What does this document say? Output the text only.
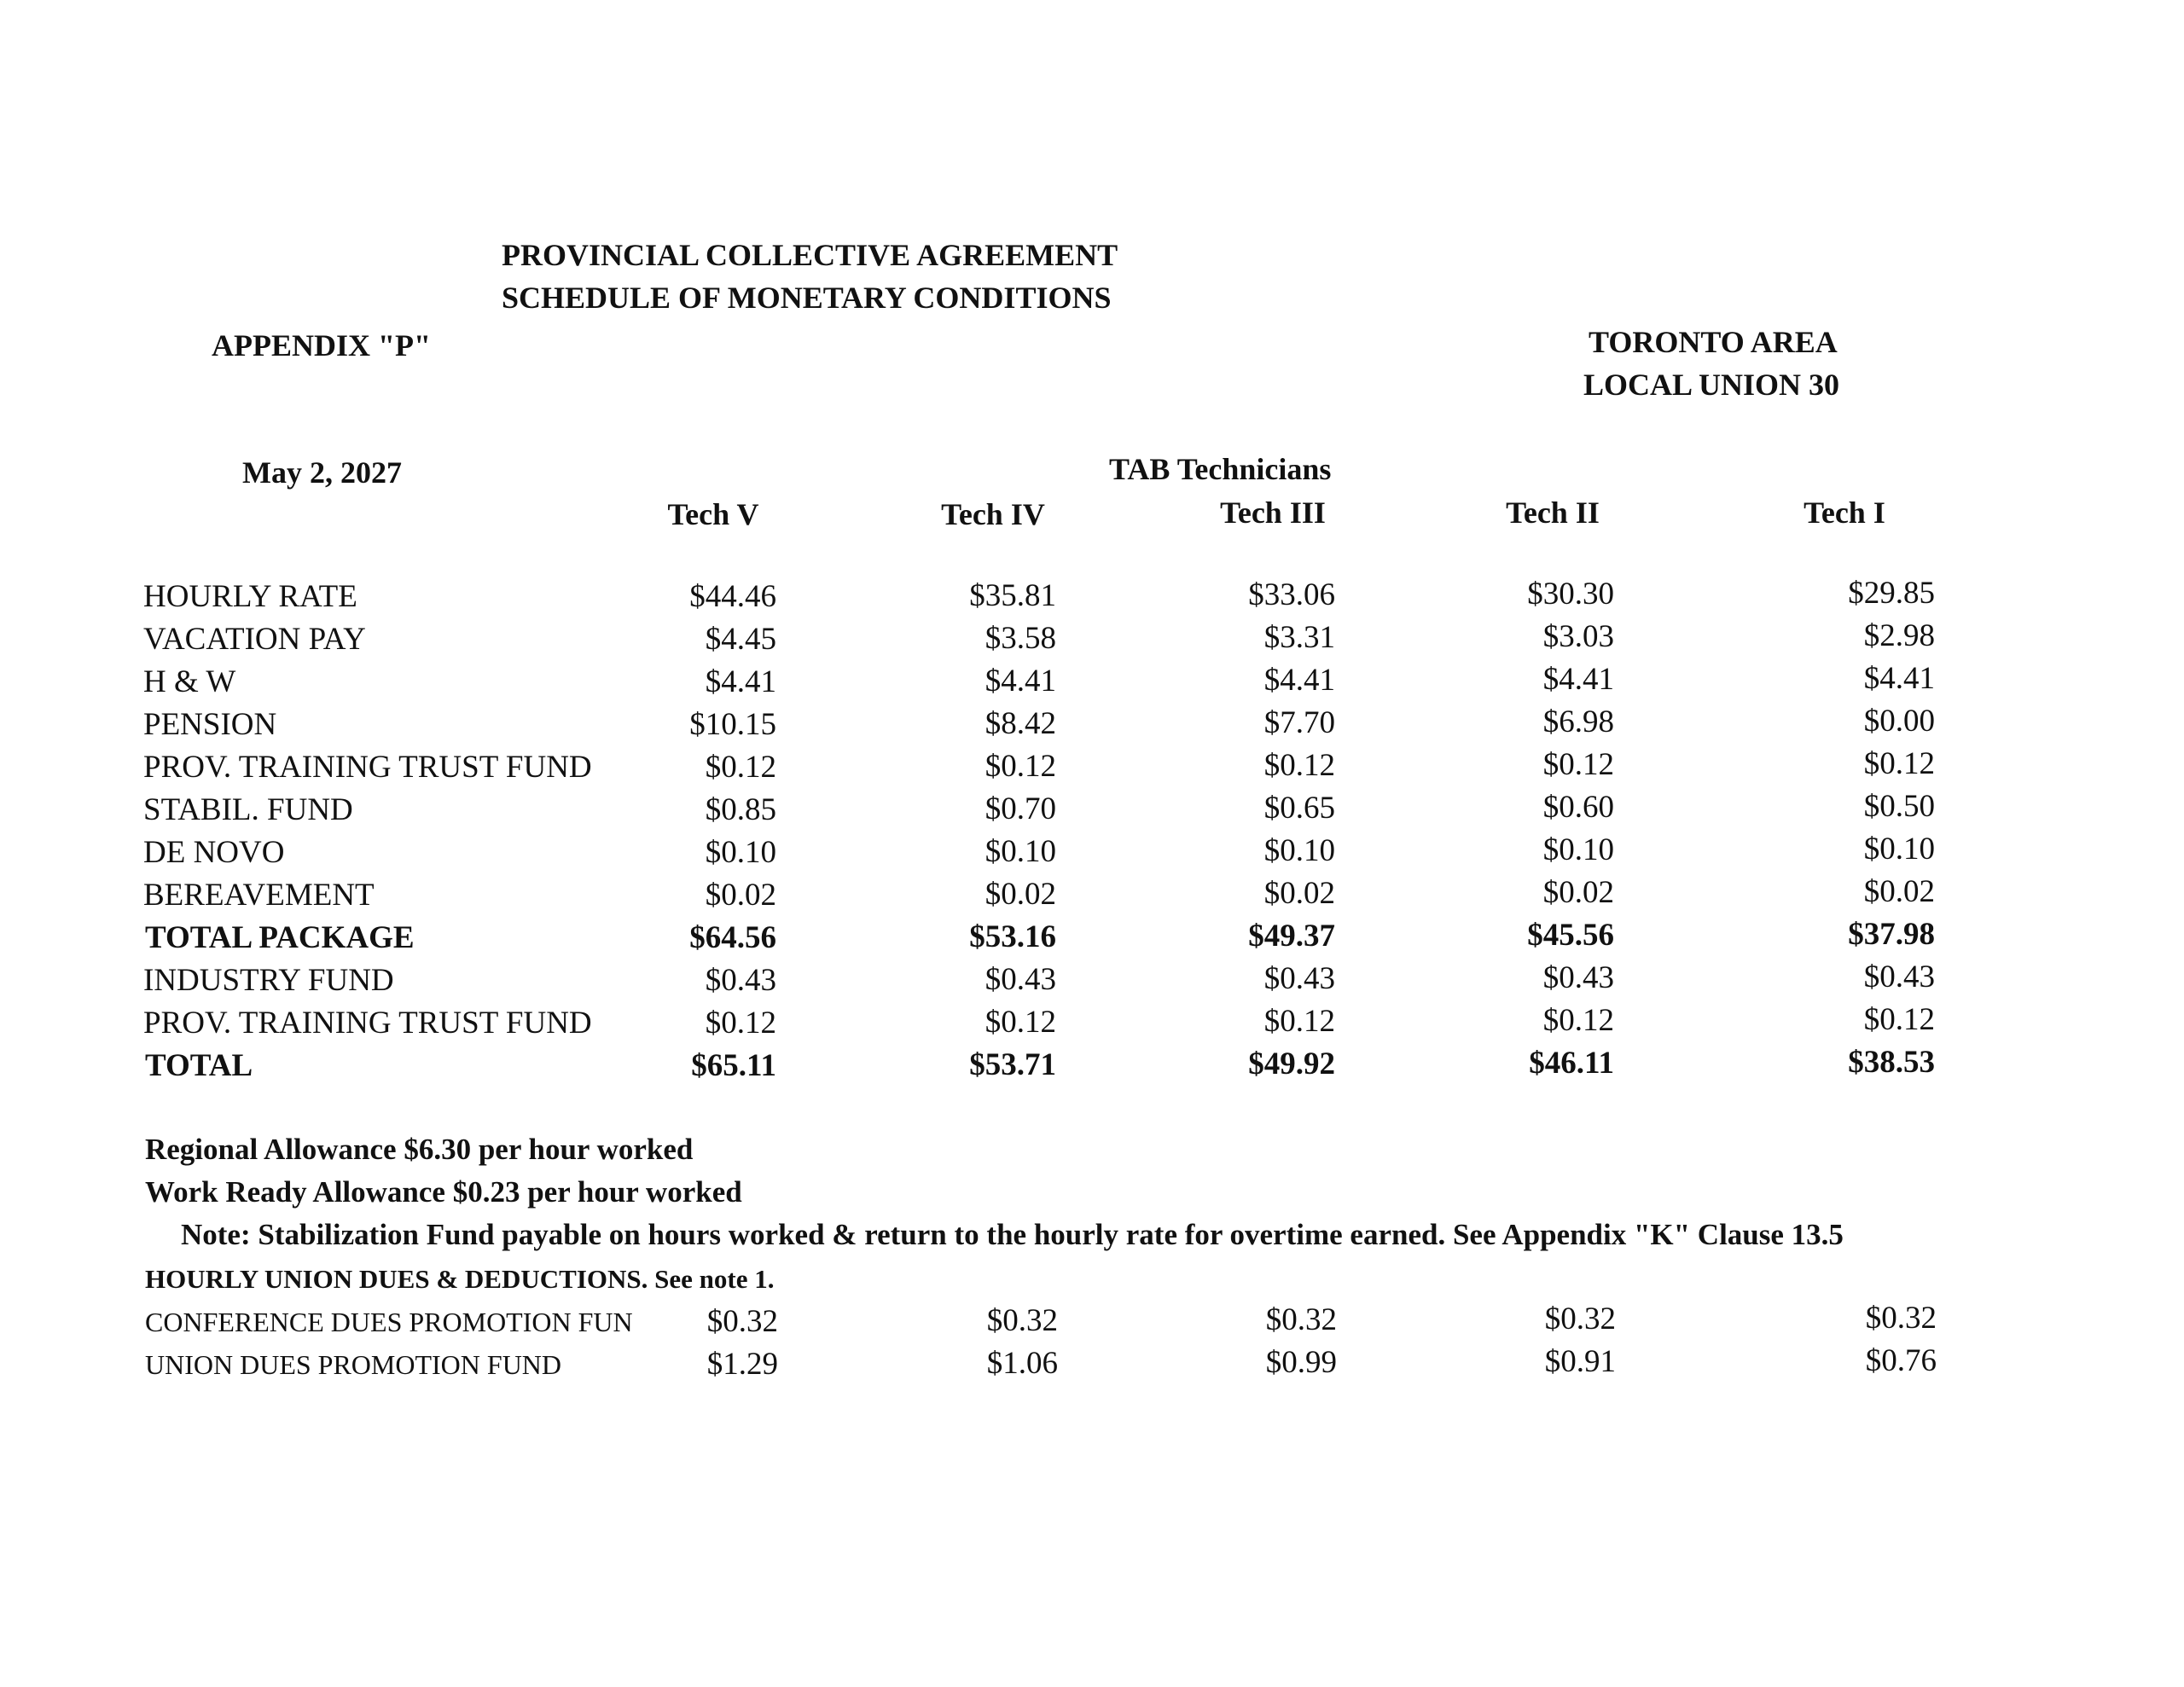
PROVINCIAL COLLECTIVE AGREEMENT
SCHEDULE OF MONETARY CONDITIONS
APPENDIX "P"	TORONTO AREA
LOCAL UNION 30
May 2, 2027	TAB Technicians
Tech V	Tech IV	Tech III	Tech II	Tech I
HOURLY RATE	$44.46	$35.81	$33.06	$30.30	$29.85
VACATION PAY	$4.45	$3.58	$3.31	$3.03	$2.98
H & W	$4.41	$4.41	$4.41	$4.41	$4.41
PENSION	$10.15	$8.42	$7.70	$6.98	$0.00
PROV. TRAINING TRUST FUND	$0.12	$0.12	$0.12	$0.12	$0.12
STABIL. FUND	$0.85	$0.70	$0.65	$0.60	$0.50
DE NOVO	$0.10	$0.10	$0.10	$0.10	$0.10
BEREAVEMENT	$0.02	$0.02	$0.02	$0.02	$0.02
TOTAL PACKAGE	$64.56	$53.16	$49.37	$45.56	$37.98
INDUSTRY FUND	$0.43	$0.43	$0.43	$0.43	$0.43
PROV. TRAINING TRUST FUND	$0.12	$0.12	$0.12	$0.12	$0.12
TOTAL	$65.11	$53.71	$49.92	$46.11	$38.53
Regional Allowance $6.30 per hour worked
Work Ready Allowance $0.23 per hour worked
Note: Stabilization Fund payable on hours worked & return to the hourly rate for overtime earned. See Appendix "K" Clause 13.5
HOURLY UNION DUES & DEDUCTIONS. See note 1.
CONFERENCE DUES PROMOTION FUN $0.32	$0.32	$0.32	$0.32	$0.32
UNION DUES PROMOTION FUND	$1.29	$1.06	$0.99	$0.91	$0.76
